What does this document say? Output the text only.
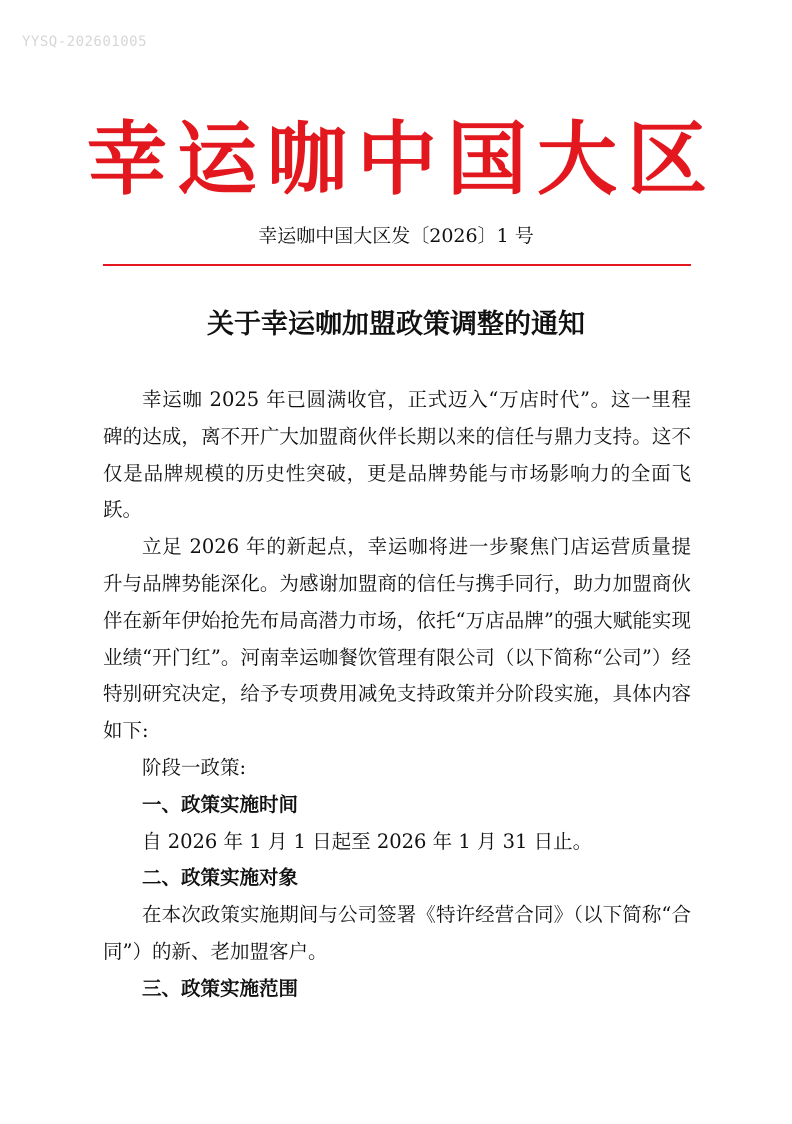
YYSQ-202601005
幸运咖中国大区
幸运咖中国大区发〔2026〕1 号
关于幸运咖加盟政策调整的通知

幸运咖 2025 年已圆满收官，正式迈入“万店时代”。这一里程碑的达成，离不开广大加盟商伙伴长期以来的信任与鼎力支持。这不仅是品牌规模的历史性突破，更是品牌势能与市场影响力的全面飞跃。

立足 2026 年的新起点，幸运咖将进一步聚焦门店运营质量提升与品牌势能深化。为感谢加盟商的信任与携手同行，助力加盟商伙伴在新年伊始抢先布局高潜力市场，依托“万店品牌”的强大赋能实现业绩“开门红”。河南幸运咖餐饮管理有限公司（以下简称“公司”）经特别研究决定，给予专项费用减免支持政策并分阶段实施，具体内容如下:

阶段一政策:

一、政策实施时间

自 2026 年 1 月 1 日起至 2026 年 1 月 31 日止。

二、政策实施对象

在本次政策实施期间与公司签署《特许经营合同》（以下简称“合同”）的新、老加盟客户。

三、政策实施范围
